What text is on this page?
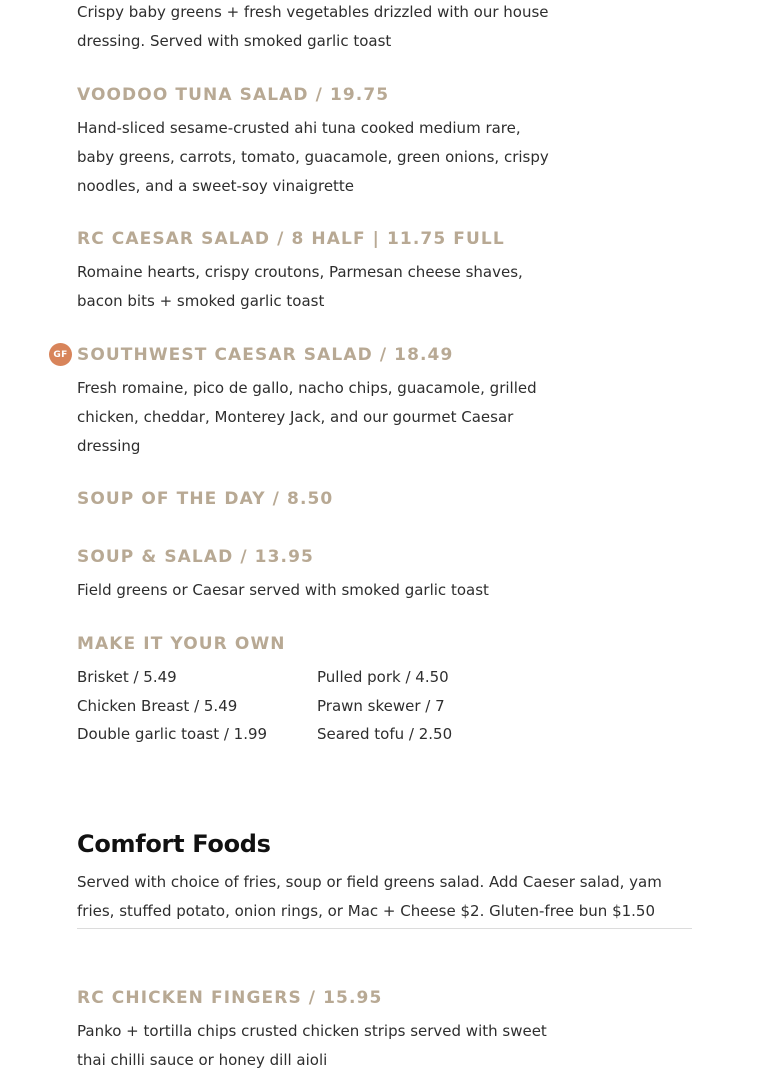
Crispy baby greens + fresh vegetables drizzled with our house dressing. Served with smoked garlic toast

VOODOO TUNA SALAD / 19.75

Hand-sliced sesame-crusted ahi tuna cooked medium rare, baby greens, carrots, tomato, guacamole, green onions, crispy noodles, and a sweet-soy vinaigrette

RC CAESAR SALAD / 8 HALF | 11.75 FULL

Romaine hearts, crispy croutons, Parmesan cheese shaves, bacon bits + smoked garlic toast

GF SOUTHWEST CAESAR SALAD / 18.49

Fresh romaine, pico de gallo, nacho chips, guacamole, grilled chicken, cheddar, Monterey Jack, and our gourmet Caesar dressing

SOUP OF THE DAY / 8.50

SOUP & SALAD / 13.95

Field greens or Caesar served with smoked garlic toast

MAKE IT YOUR OWN

Brisket / 5.49	Pulled pork / 4.50
Chicken Breast / 5.49	Prawn skewer / 7
Double garlic toast / 1.99	Seared tofu / 2.50
Comfort Foods

Served with choice of fries, soup or field greens salad. Add Caeser salad, yam fries, stuffed potato, onion rings, or Mac + Cheese $2. Gluten-free bun $1.50

RC CHICKEN FINGERS / 15.95

Panko + tortilla chips crusted chicken strips served with sweet thai chilli sauce or honey dill aioli
